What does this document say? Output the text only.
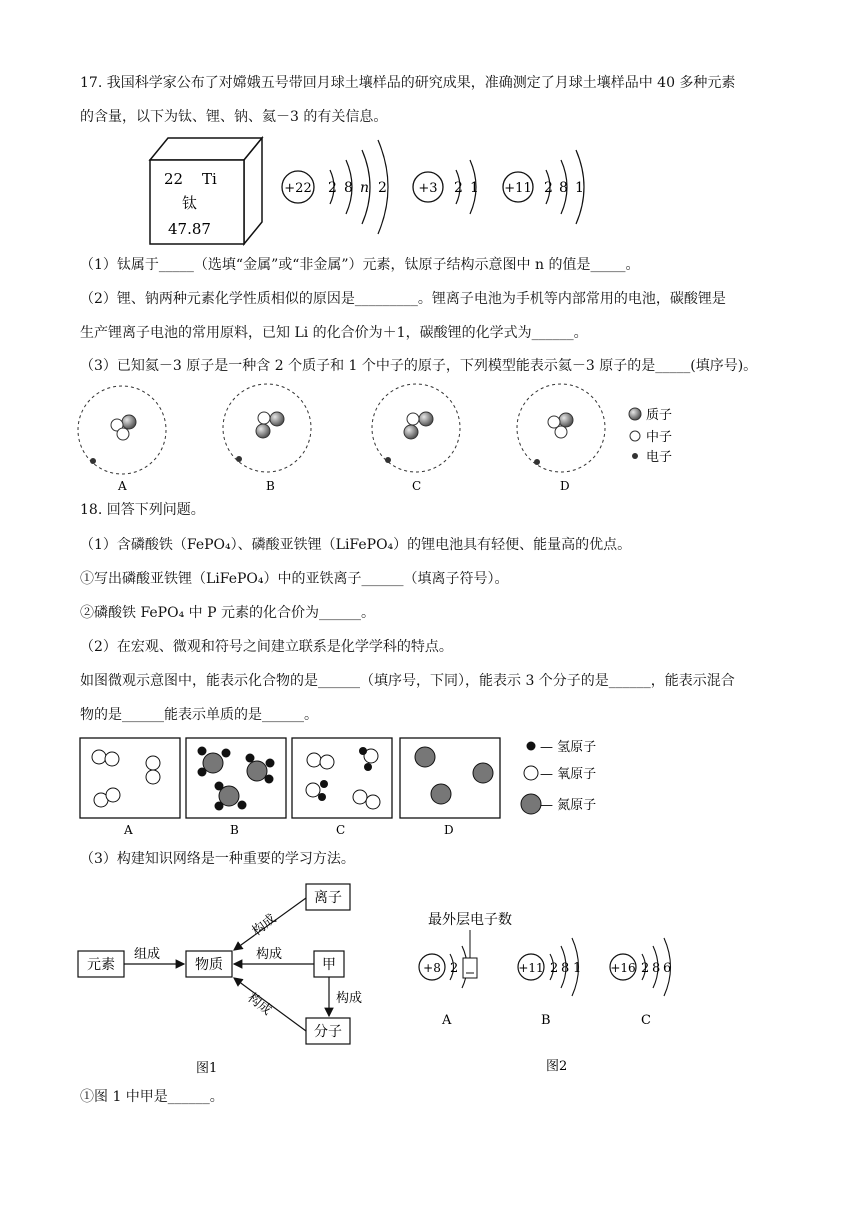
17. 我国科学家公布了对嫦娥五号带回月球土壤样品的研究成果，准确测定了月球土壤样品中 40 多种元素
的含量，以下为钛、锂、钠、氦－3 的有关信息。
22 Ti
钛
47.87
+22 2 8 n 2 +3 2 1 +11 2 8 1
（1）钛属于_____（选填“金属”或“非金属”）元素，钛原子结构示意图中 n 的值是_____。
（2）锂、钠两种元素化学性质相似的原因是_________。锂离子电池为手机等内部常用的电池，碳酸锂是
生产锂离子电池的常用原料，已知 Li 的化合价为＋1，碳酸锂的化学式为______。
（3）已知氦－3 原子是一种含 2 个质子和 1 个中子的原子，下列模型能表示氦－3 原子的是_____(填序号)。
A	B	C	D
质子
中子
电子
18. 回答下列问题。
（1）含磷酸铁（FePO₄）、磷酸亚铁锂（LiFePO₄）的锂电池具有轻便、能量高的优点。
①写出磷酸亚铁锂（LiFePO₄）中的亚铁离子______（填离子符号）。
②磷酸铁 FePO₄ 中 P 元素的化合价为______。
（2）在宏观、微观和符号之间建立联系是化学学科的特点。
如图微观示意图中，能表示化合物的是______（填序号，下同），能表示 3 个分子的是______，能表示混合
物的是______能表示单质的是______。
A	B	C	D
— 氢原子
— 氧原子
— 氮原子
（3）构建知识网络是一种重要的学习方法。
元素	物质
离子
甲
分子
组成
构成
构成
构成
构成
图1
最外层电子数
+8 2
A
+11 2 8 1
B
+16 2 8 6
C
图2
①图 1 中甲是______。
